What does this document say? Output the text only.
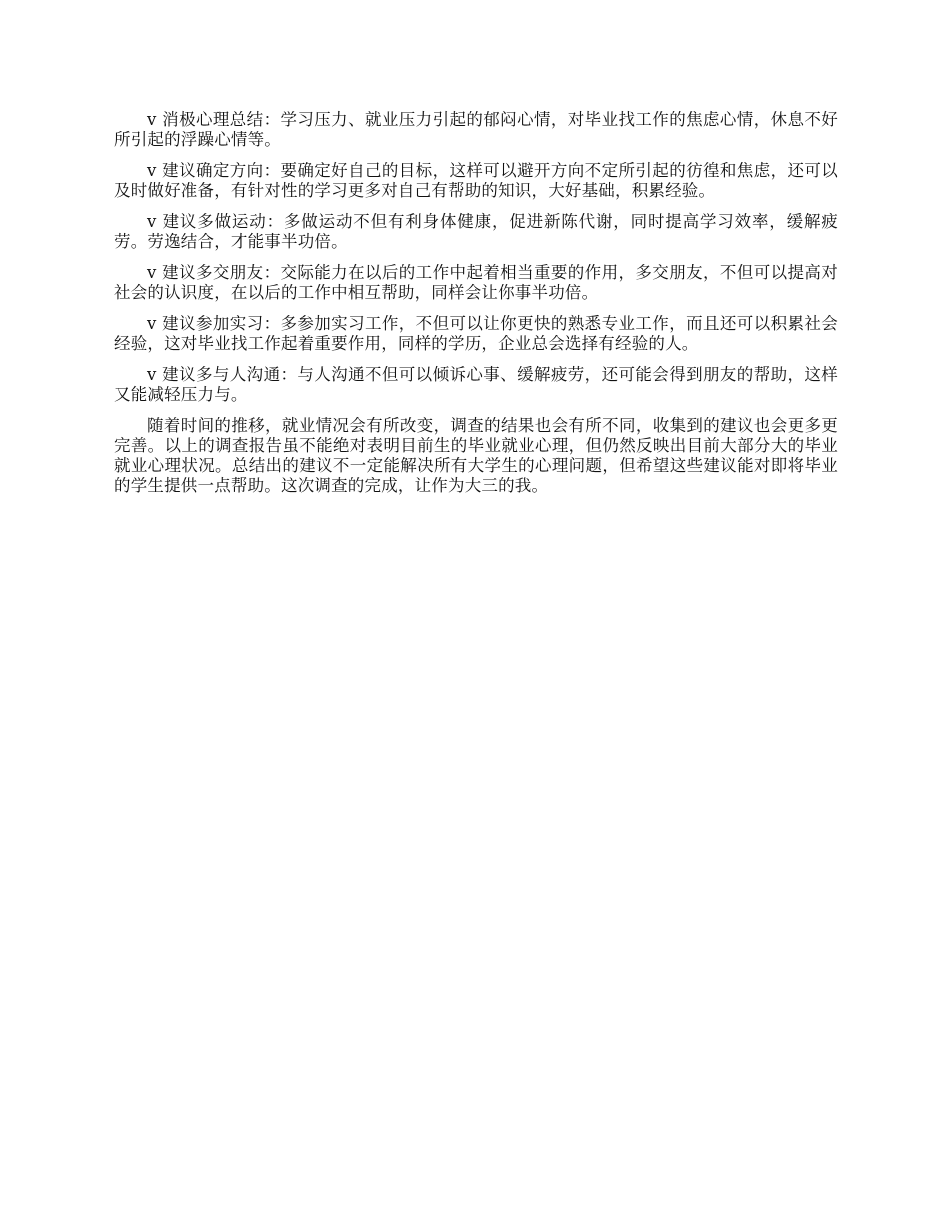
v 消极心理总结：学习压力、就业压力引起的郁闷心情，对毕业找工作的焦虑心情，休息不好所引起的浮躁心情等。

v 建议确定方向：要确定好自己的目标，这样可以避开方向不定所引起的彷徨和焦虑，还可以及时做好准备，有针对性的学习更多对自己有帮助的知识，大好基础，积累经验。

v 建议多做运动：多做运动不但有利身体健康，促进新陈代谢，同时提高学习效率，缓解疲劳。劳逸结合，才能事半功倍。

v 建议多交朋友：交际能力在以后的工作中起着相当重要的作用，多交朋友，不但可以提高对社会的认识度，在以后的工作中相互帮助，同样会让你事半功倍。

v 建议参加实习：多参加实习工作，不但可以让你更快的熟悉专业工作，而且还可以积累社会经验，这对毕业找工作起着重要作用，同样的学历，企业总会选择有经验的人。

v 建议多与人沟通：与人沟通不但可以倾诉心事、缓解疲劳，还可能会得到朋友的帮助，这样又能减轻压力与。

随着时间的推移，就业情况会有所改变，调查的结果也会有所不同，收集到的建议也会更多更完善。以上的调查报告虽不能绝对表明目前生的毕业就业心理，但仍然反映出目前大部分大的毕业就业心理状况。总结出的建议不一定能解决所有大学生的心理问题，但希望这些建议能对即将毕业的学生提供一点帮助。这次调查的完成，让作为大三的我。
